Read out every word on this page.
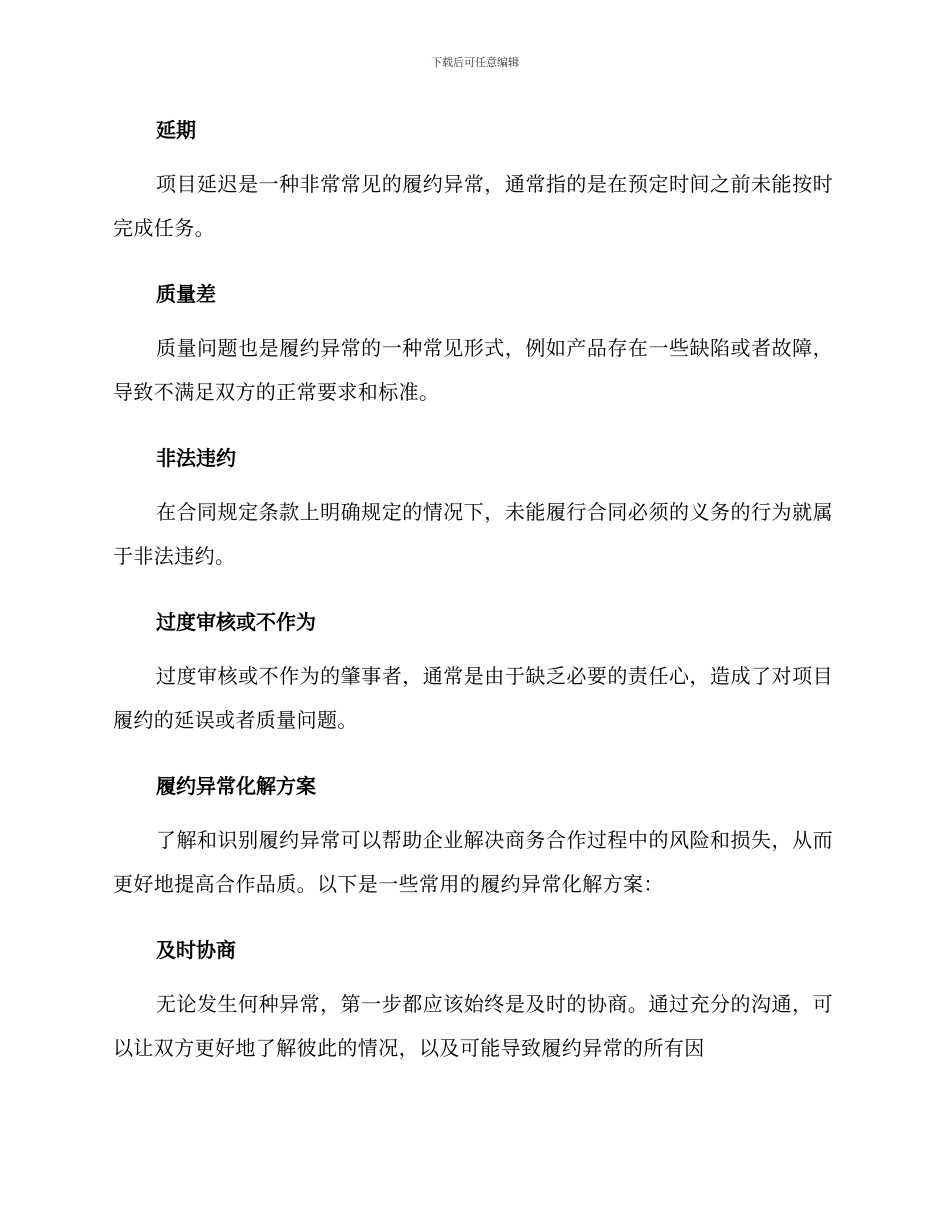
下载后可任意编辑

延期

项目延迟是一种非常常见的履约异常，通常指的是在预定时间之前未能按时完成任务。

质量差

质量问题也是履约异常的一种常见形式，例如产品存在一些缺陷或者故障，导致不满足双方的正常要求和标准。

非法违约

在合同规定条款上明确规定的情况下，未能履行合同必须的义务的行为就属于非法违约。

过度审核或不作为

过度审核或不作为的肇事者，通常是由于缺乏必要的责任心，造成了对项目履约的延误或者质量问题。

履约异常化解方案

了解和识别履约异常可以帮助企业解决商务合作过程中的风险和损失，从而更好地提高合作品质。以下是一些常用的履约异常化解方案：

及时协商

无论发生何种异常，第一步都应该始终是及时的协商。通过充分的沟通，可以让双方更好地了解彼此的情况，以及可能导致履约异常的所有因
